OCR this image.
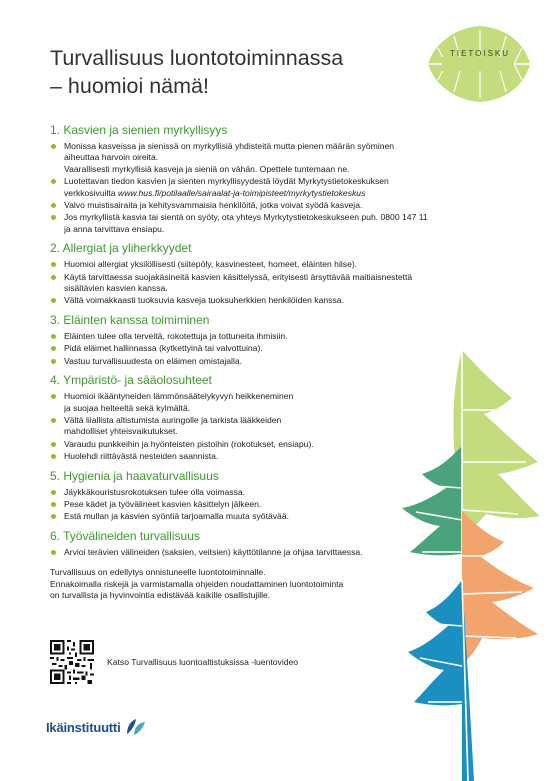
Turvallisuus luontotoiminnassa
– huomioi nämä!
TIETOISKU
1. Kasvien ja sienien myrkyllisyys
Monissa kasveissa ja sienissä on myrkyllisiä yhdisteitä mutta pienen määrän syöminen
aiheuttaa harvoin oireita.
Vaarallisesti myrkyllisiä kasveja ja sieniä on vähän. Opettele tuntemaan ne.
Luotettavan tiedon kasvien ja sienten myrkyllisyydestä löydät Myrkytystietokeskuksen
verkkosivuilta www.hus.fi/potilaalle/sairaalat-ja-toimipisteet/myrkytystietokeskus
Valvo muistisairaita ja kehitysvammaisia henkilöitä, jotka voivat syödä kasveja.
Jos myrkyllistä kasvia tai sientä on syöty, ota yhteys Myrkytystietokeskukseen puh. 0800 147 11
ja anna tarvittava ensiapu.
2. Allergiat ja yliherkkyydet
Huomioi allergiat yksilöllisesti (siitepöly, kasvinesteet, homeet, eläinten hilse).
Käytä tarvittaessa suojakäsineitä kasvien käsittelyssä, erityisesti ärsyttävää maitiaisnestettä
sisältävien kasvien kanssa.
Vältä voimakkaasti tuoksuvia kasveja tuoksuherkkien henkilöiden kanssa.
3. Eläinten kanssa toimiminen
Eläinten tulee olla terveitä, rokotettuja ja tottuneita ihmisiin.
Pidä eläimet hallinnassa (kytkettyinä tai valvottuina).
Vastuu turvallisuudesta on eläimen omistajalla.
4. Ympäristö- ja sääolosuhteet
Huomioi ikääntyneiden lämmönsäätelykyvyn heikkeneminen
ja suojaa helteeltä sekä kylmältä.
Vältä liiallista altistumista auringolle ja tarkista lääkkeiden
mahdolliset yhteisvaikutukset.
Varaudu punkkeihin ja hyönteisten pistoihin (rokotukset, ensiapu).
Huolehdi riittävästä nesteiden saannista.
5. Hygienia ja haavaturvallisuus
Jäykkäkouristusrokotuksen tulee olla voimassa.
Pese kädet ja työvälineet kasvien käsittelyn jälkeen.
Estä mullan ja kasvien syöntiä tarjoamalla muuta syötävää.
6. Työvälineiden turvallisuus
Arvioi terävien välineiden (saksien, veitsien) käyttötilanne ja ohjaa tarvittaessa.

Turvallisuus on edellytys onnistuneelle luontotoiminnalle.
Ennakoimalla riskejä ja varmistamalla ohjeiden noudattaminen luontotoiminta
on turvallista ja hyvinvointia edistävää kaikille osallistujille.

Katso Turvallisuus luontoaltistuksissa -luentovideo
Ikäinstituutti
